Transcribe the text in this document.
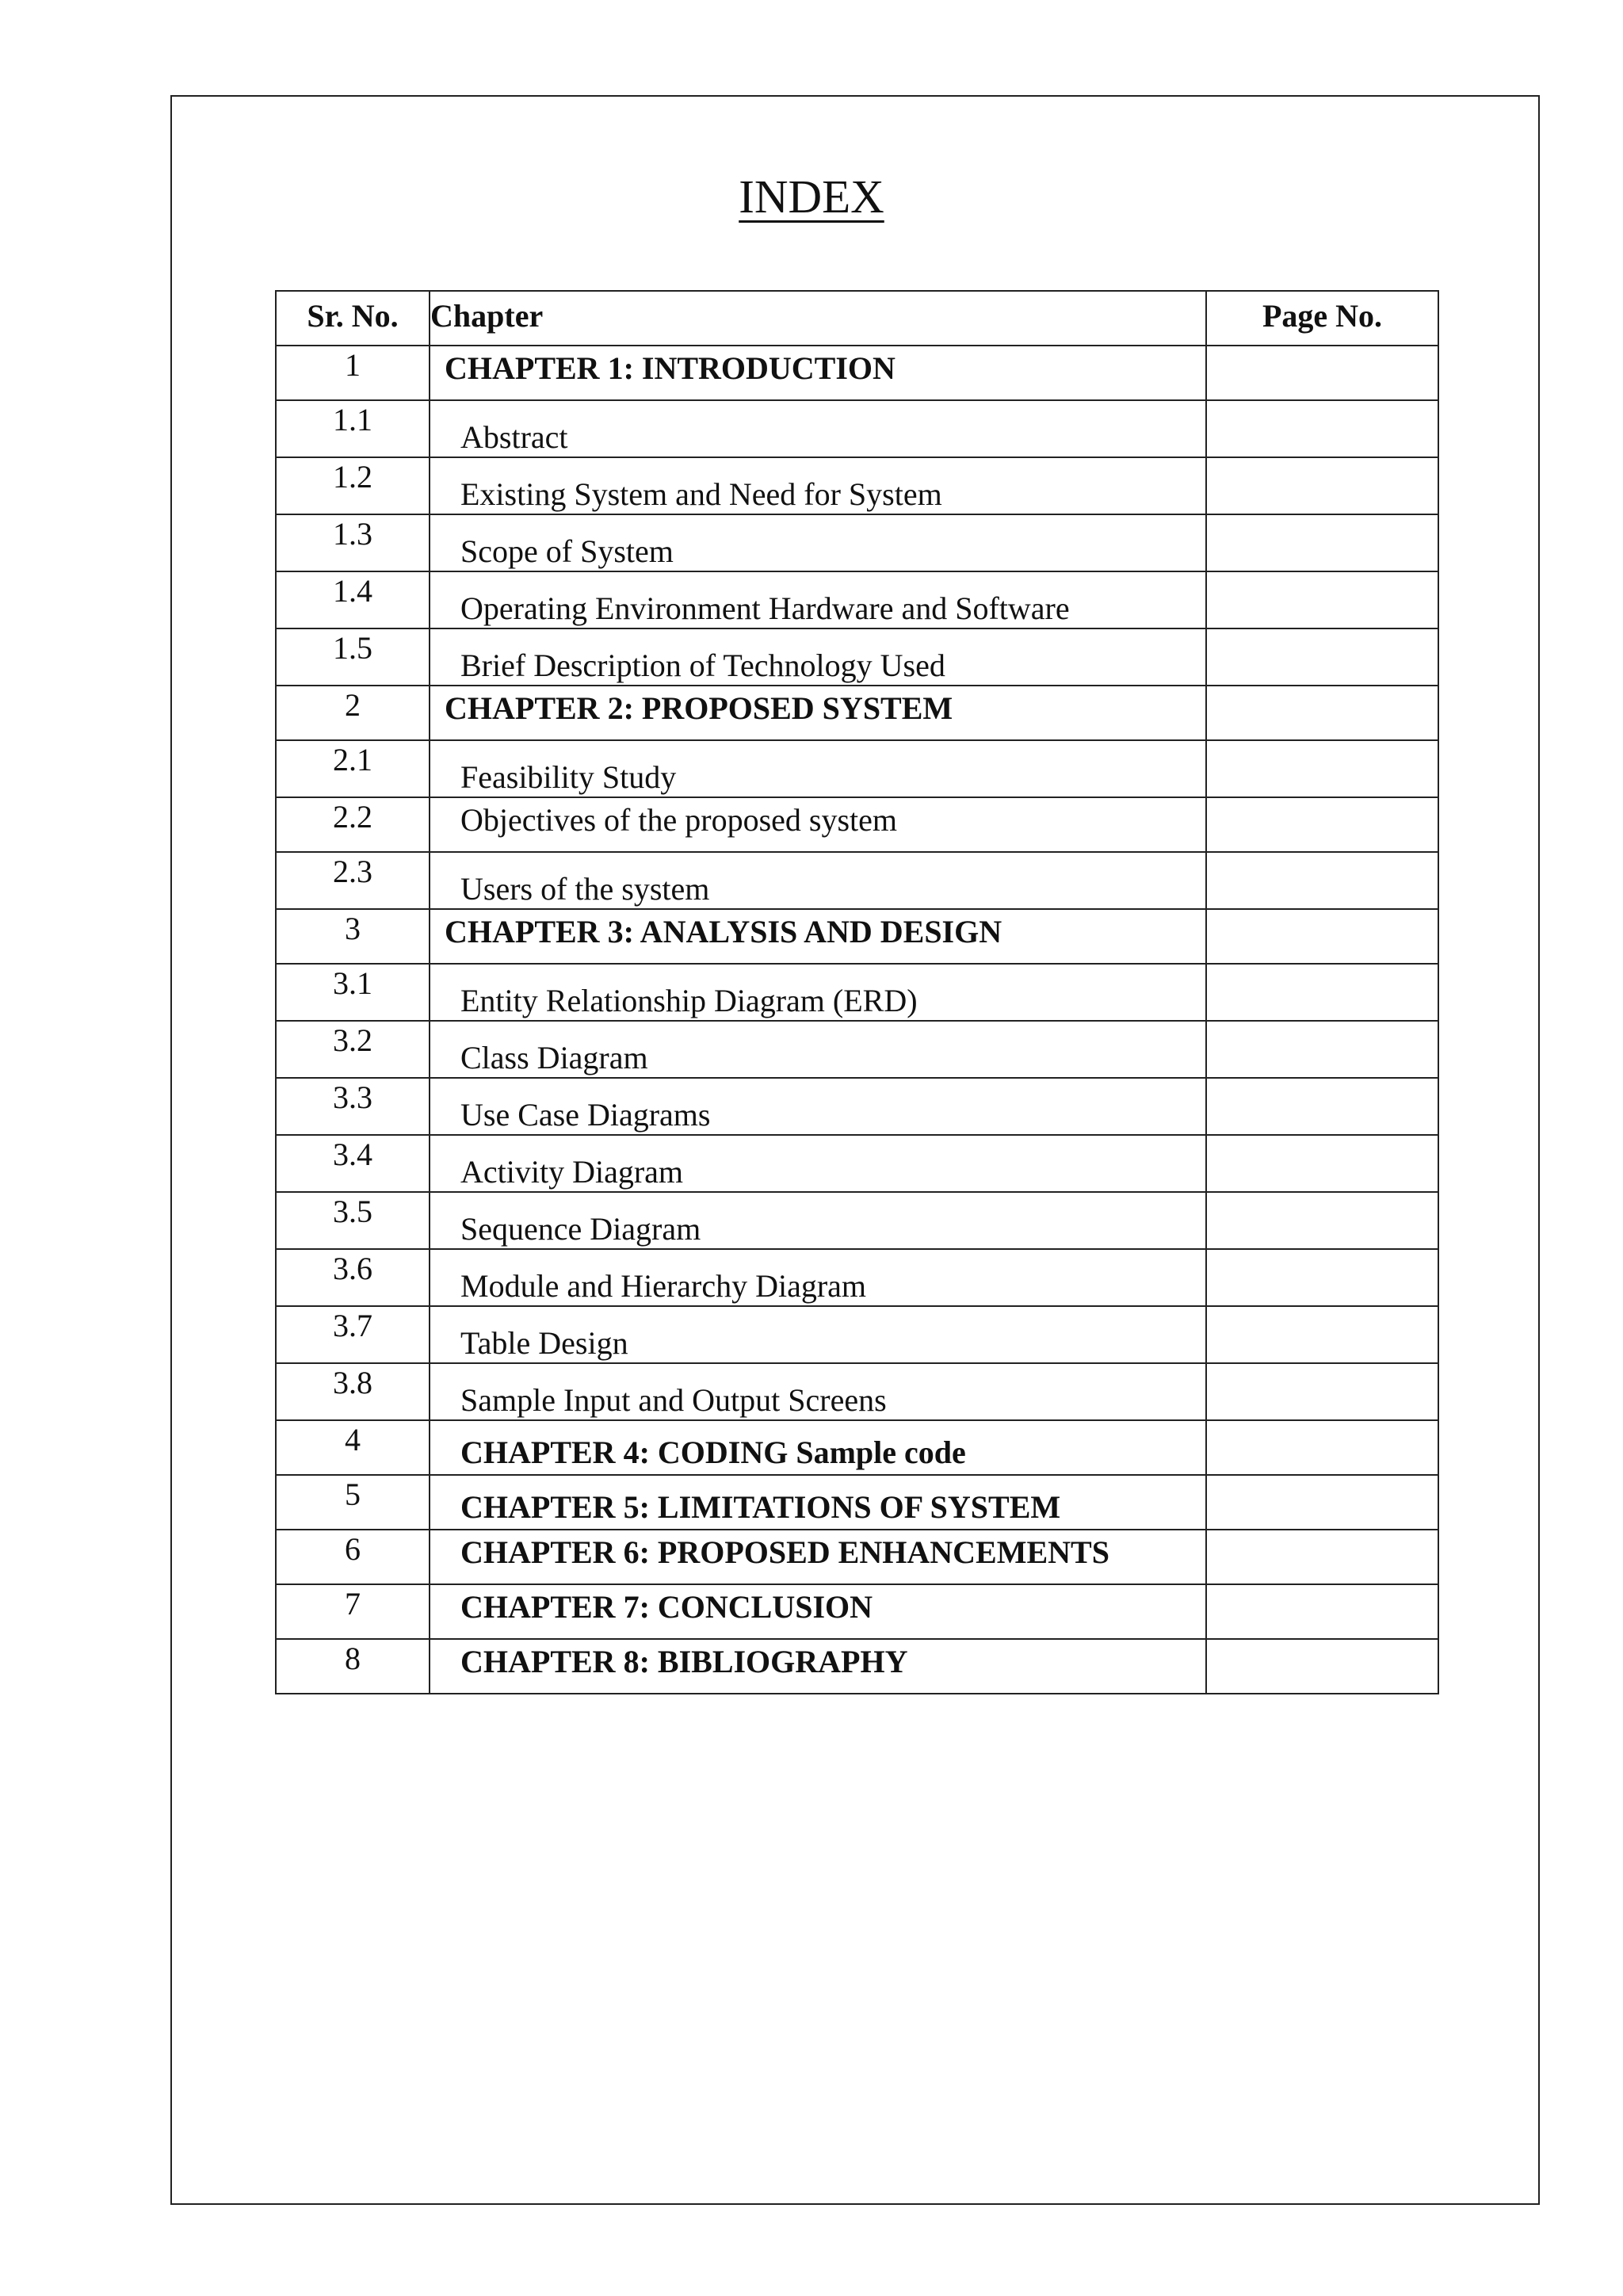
INDEX
Sr. No.	Chapter	Page No.
1	CHAPTER 1: INTRODUCTION	
1.1	Abstract	
1.2	Existing System and Need for System	
1.3	Scope of System	
1.4	Operating Environment Hardware and Software	
1.5	Brief Description of Technology Used	
2	CHAPTER 2: PROPOSED SYSTEM	
2.1	Feasibility Study	
2.2	Objectives of the proposed system	
2.3	Users of the system	
3	CHAPTER 3: ANALYSIS AND DESIGN	
3.1	Entity Relationship Diagram (ERD)	
3.2	Class Diagram	
3.3	Use Case Diagrams	
3.4	Activity Diagram	
3.5	Sequence Diagram	
3.6	Module and Hierarchy Diagram	
3.7	Table Design	
3.8	Sample Input and Output Screens	
4	CHAPTER 4: CODING Sample code	
5	CHAPTER 5: LIMITATIONS OF SYSTEM	
6	CHAPTER 6: PROPOSED ENHANCEMENTS	
7	CHAPTER 7: CONCLUSION	
8	CHAPTER 8: BIBLIOGRAPHY	
